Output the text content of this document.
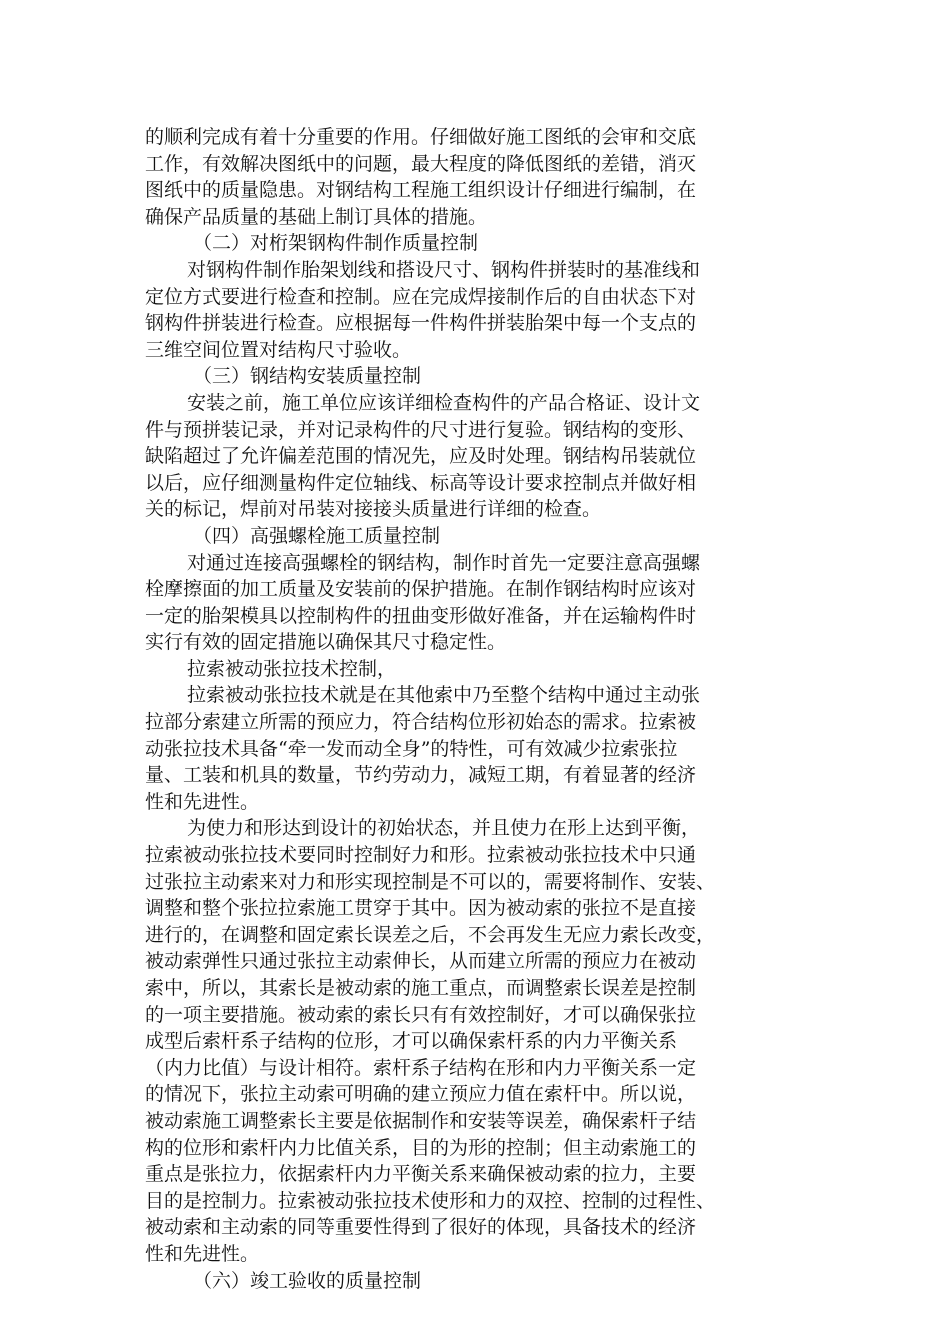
的顺利完成有着十分重要的作用。仔细做好施工图纸的会审和交底
工作，有效解决图纸中的问题，最大程度的降低图纸的差错，消灭
图纸中的质量隐患。对钢结构工程施工组织设计仔细进行编制，在
确保产品质量的基础上制订具体的措施。
（二）对桁架钢构件制作质量控制
对钢构件制作胎架划线和搭设尺寸、钢构件拼装时的基准线和
定位方式要进行检查和控制。应在完成焊接制作后的自由状态下对
钢构件拼装进行检查。应根据每一件构件拼装胎架中每一个支点的
三维空间位置对结构尺寸验收。
（三）钢结构安装质量控制
安装之前，施工单位应该详细检查构件的产品合格证、设计文
件与预拼装记录，并对记录构件的尺寸进行复验。钢结构的变形、
缺陷超过了允许偏差范围的情况先，应及时处理。钢结构吊装就位
以后，应仔细测量构件定位轴线、标高等设计要求控制点并做好相
关的标记，焊前对吊装对接接头质量进行详细的检查。
（四）高强螺栓施工质量控制
对通过连接高强螺栓的钢结构，制作时首先一定要注意高强螺
栓摩擦面的加工质量及安装前的保护措施。在制作钢结构时应该对
一定的胎架模具以控制构件的扭曲变形做好准备，并在运输构件时
实行有效的固定措施以确保其尺寸稳定性。
拉索被动张拉技术控制，
拉索被动张拉技术就是在其他索中乃至整个结构中通过主动张
拉部分索建立所需的预应力，符合结构位形初始态的需求。拉索被
动张拉技术具备“牵一发而动全身”的特性，可有效减少拉索张拉
量、工装和机具的数量，节约劳动力，减短工期，有着显著的经济
性和先进性。
为使力和形达到设计的初始状态，并且使力在形上达到平衡，
拉索被动张拉技术要同时控制好力和形。拉索被动张拉技术中只通
过张拉主动索来对力和形实现控制是不可以的，需要将制作、安装、
调整和整个张拉拉索施工贯穿于其中。因为被动索的张拉不是直接
进行的，在调整和固定索长误差之后，不会再发生无应力索长改变，
被动索弹性只通过张拉主动索伸长，从而建立所需的预应力在被动
索中，所以，其索长是被动索的施工重点，而调整索长误差是控制
的一项主要措施。被动索的索长只有有效控制好，才可以确保张拉
成型后索杆系子结构的位形，才可以确保索杆系的内力平衡关系
（内力比值）与设计相符。索杆系子结构在形和内力平衡关系一定
的情况下，张拉主动索可明确的建立预应力值在索杆中。所以说，
被动索施工调整索长主要是依据制作和安装等误差，确保索杆子结
构的位形和索杆内力比值关系，目的为形的控制；但主动索施工的
重点是张拉力，依据索杆内力平衡关系来确保被动索的拉力，主要
目的是控制力。拉索被动张拉技术使形和力的双控、控制的过程性、
被动索和主动索的同等重要性得到了很好的体现，具备技术的经济
性和先进性。
（六）竣工验收的质量控制
